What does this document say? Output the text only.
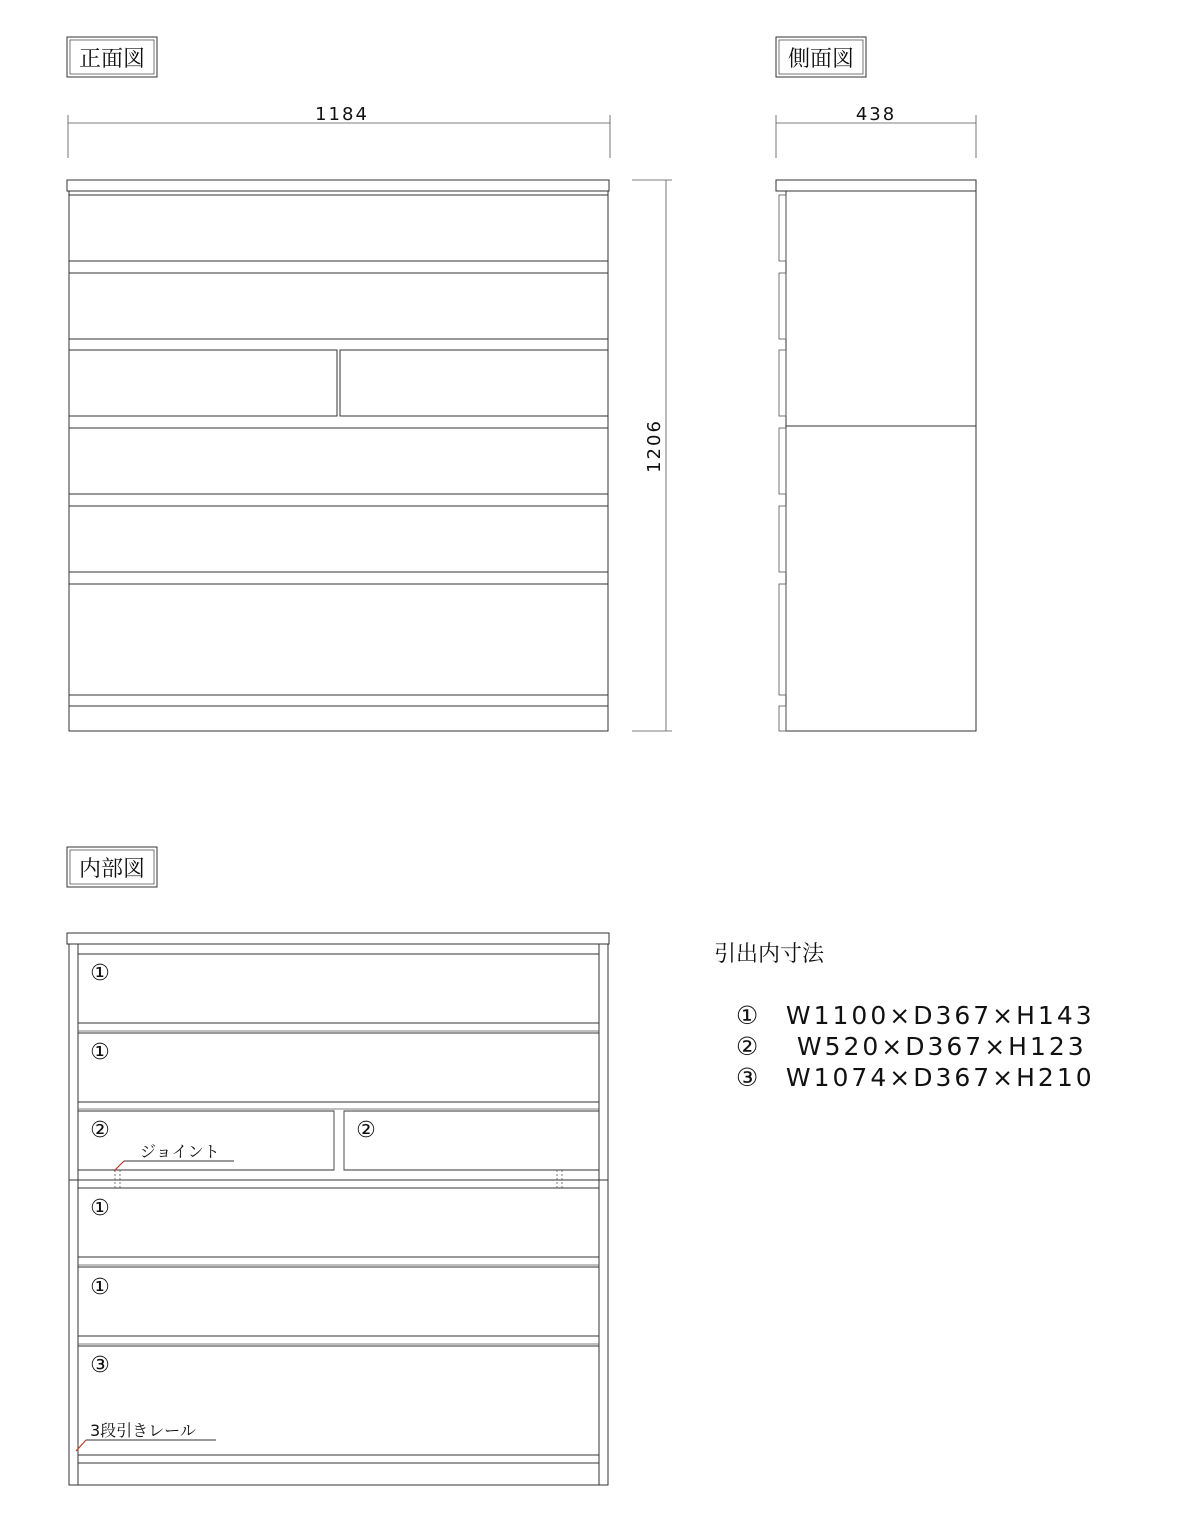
正面図
1184
1206
側面図
438
内部図
①
①
②	②
①
①
③
ジョイント
3段引きレール
引出内寸法

① W1100×D367×H143

② W520×D367×H123

③ W1074×D367×H210
